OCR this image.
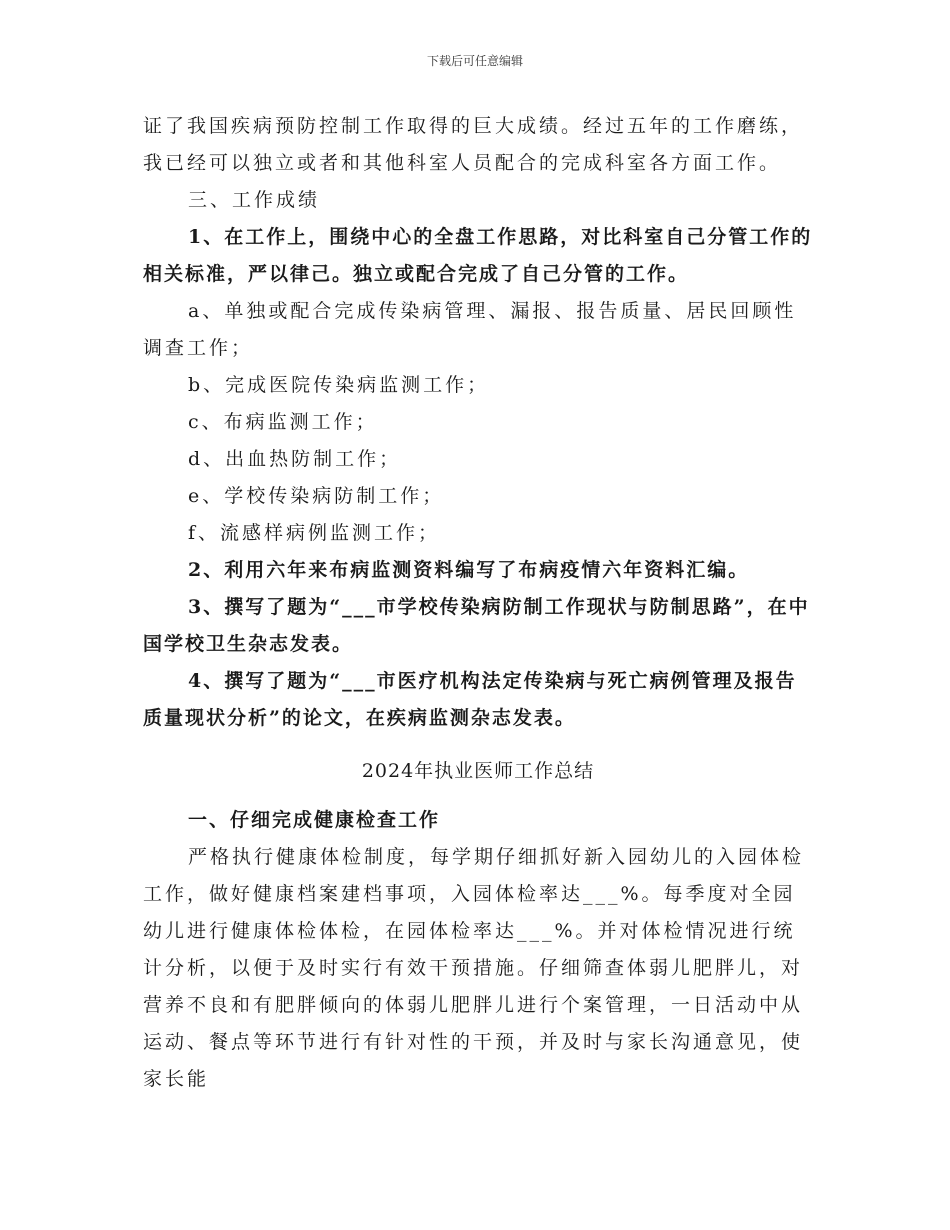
下载后可任意编辑

证了我国疾病预防控制工作取得的巨大成绩。经过五年的工作磨练，

我已经可以独立或者和其他科室人员配合的完成科室各方面工作。

三、工作成绩

1、在工作上，围绕中心的全盘工作思路，对比科室自己分管工作的相关标准，严以律己。独立或配合完成了自己分管的工作。

a、单独或配合完成传染病管理、漏报、报告质量、居民回顾性调查工作；

b、完成医院传染病监测工作；

c、布病监测工作；

d、出血热防制工作；

e、学校传染病防制工作；

f、流感样病例监测工作；

2、利用六年来布病监测资料编写了布病疫情六年资料汇编。

3、撰写了题为“___市学校传染病防制工作现状与防制思路”，在中国学校卫生杂志发表。

4、撰写了题为“___市医疗机构法定传染病与死亡病例管理及报告质量现状分析”的论文，在疾病监测杂志发表。

2024年执业医师工作总结

一、仔细完成健康检查工作

严格执行健康体检制度，每学期仔细抓好新入园幼儿的入园体检工作，做好健康档案建档事项，入园体检率达___%。每季度对全园幼儿进行健康体检体检，在园体检率达___%。并对体检情况进行统计分析，以便于及时实行有效干预措施。仔细筛查体弱儿肥胖儿，对营养不良和有肥胖倾向的体弱儿肥胖儿进行个案管理，一日活动中从运动、餐点等环节进行有针对性的干预，并及时与家长沟通意见，使家长能
